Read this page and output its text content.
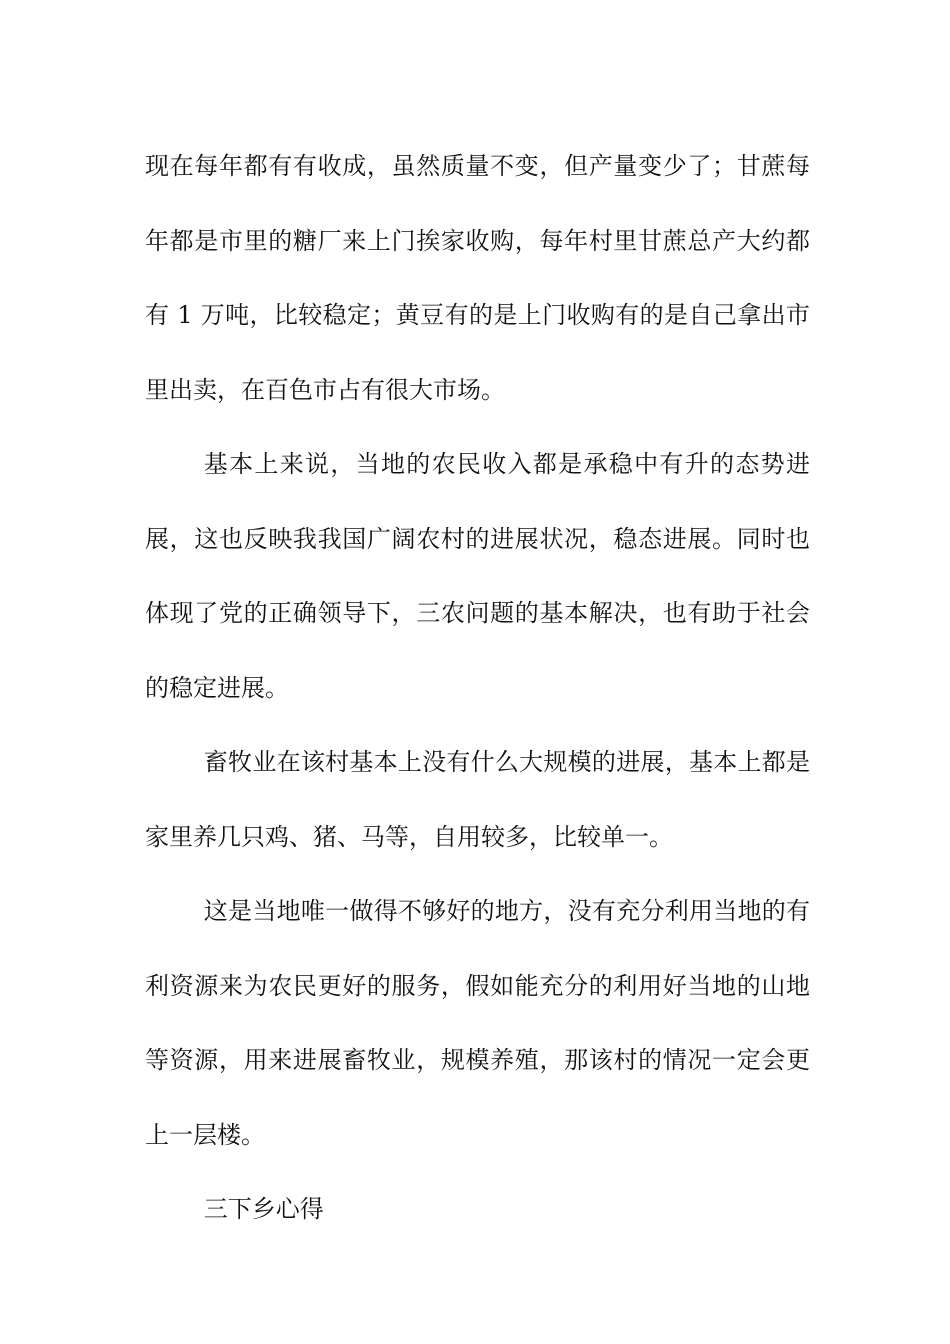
现在每年都有有收成，虽然质量不变，但产量变少了；甘蔗每年都是市里的糖厂来上门挨家收购，每年村里甘蔗总产大约都有 1 万吨，比较稳定；黄豆有的是上门收购有的是自己拿出市里出卖，在百色市占有很大市场。

基本上来说，当地的农民收入都是承稳中有升的态势进展，这也反映我我国广阔农村的进展状况，稳态进展。同时也体现了党的正确领导下，三农问题的基本解决，也有助于社会的稳定进展。

畜牧业在该村基本上没有什么大规模的进展，基本上都是家里养几只鸡、猪、马等，自用较多，比较单一。

这是当地唯一做得不够好的地方，没有充分利用当地的有利资源来为农民更好的服务，假如能充分的利用好当地的山地等资源，用来进展畜牧业，规模养殖，那该村的情况一定会更上一层楼。

三下乡心得
